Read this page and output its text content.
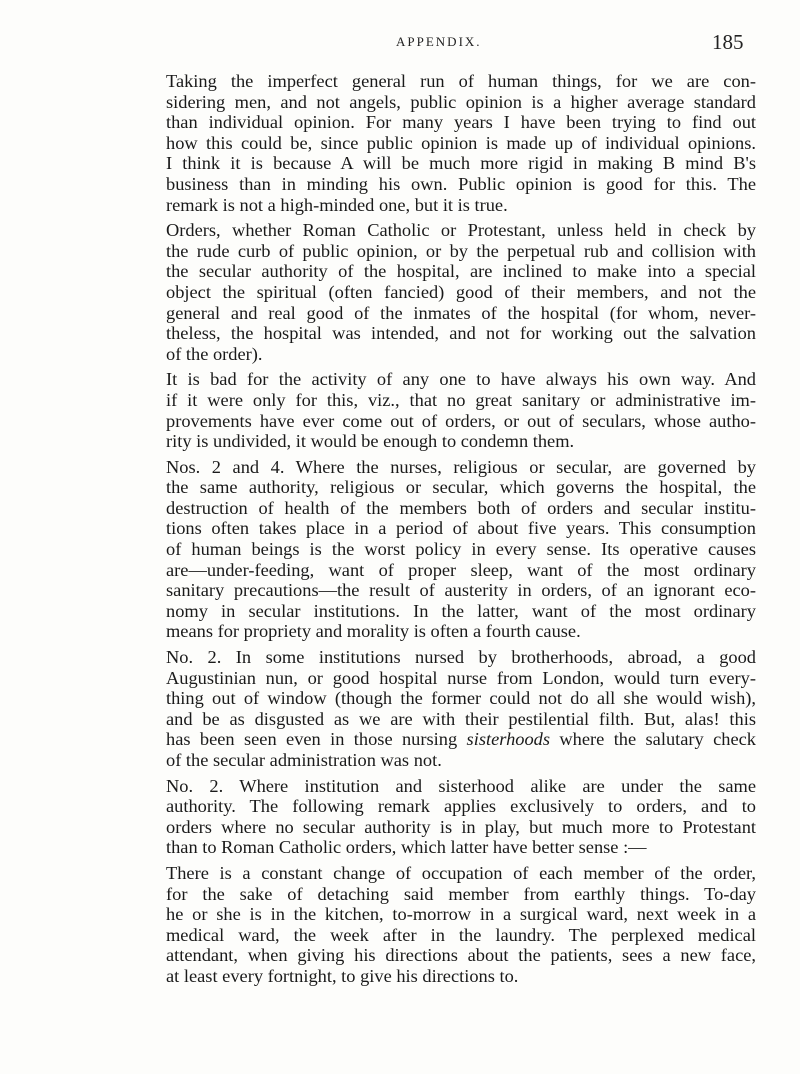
APPENDIX.	185

Taking the imperfect general run of human things, for we are con-
sidering men, and not angels, public opinion is a higher average standard
than individual opinion. For many years I have been trying to find out
how this could be, since public opinion is made up of individual opinions.
I think it is because A will be much more rigid in making B mind B's
business than in minding his own. Public opinion is good for this. The
remark is not a high-minded one, but it is true.

Orders, whether Roman Catholic or Protestant, unless held in check by
the rude curb of public opinion, or by the perpetual rub and collision with
the secular authority of the hospital, are inclined to make into a special
object the spiritual (often fancied) good of their members, and not the
general and real good of the inmates of the hospital (for whom, never-
theless, the hospital was intended, and not for working out the salvation
of the order).

It is bad for the activity of any one to have always his own way. And
if it were only for this, viz., that no great sanitary or administrative im-
provements have ever come out of orders, or out of seculars, whose autho-
rity is undivided, it would be enough to condemn them.

Nos. 2 and 4. Where the nurses, religious or secular, are governed by
the same authority, religious or secular, which governs the hospital, the
destruction of health of the members both of orders and secular institu-
tions often takes place in a period of about five years. This consumption
of human beings is the worst policy in every sense. Its operative causes
are—under-feeding, want of proper sleep, want of the most ordinary
sanitary precautions—the result of austerity in orders, of an ignorant eco-
nomy in secular institutions. In the latter, want of the most ordinary
means for propriety and morality is often a fourth cause.

No. 2. In some institutions nursed by brotherhoods, abroad, a good
Augustinian nun, or good hospital nurse from London, would turn every-
thing out of window (though the former could not do all she would wish),
and be as disgusted as we are with their pestilential filth. But, alas! this
has been seen even in those nursing sisterhoods where the salutary check
of the secular administration was not.

No. 2. Where institution and sisterhood alike are under the same
authority. The following remark applies exclusively to orders, and to
orders where no secular authority is in play, but much more to Protestant
than to Roman Catholic orders, which latter have better sense :—

There is a constant change of occupation of each member of the order,
for the sake of detaching said member from earthly things. To-day
he or she is in the kitchen, to-morrow in a surgical ward, next week in a
medical ward, the week after in the laundry. The perplexed medical
attendant, when giving his directions about the patients, sees a new face,
at least every fortnight, to give his directions to.
